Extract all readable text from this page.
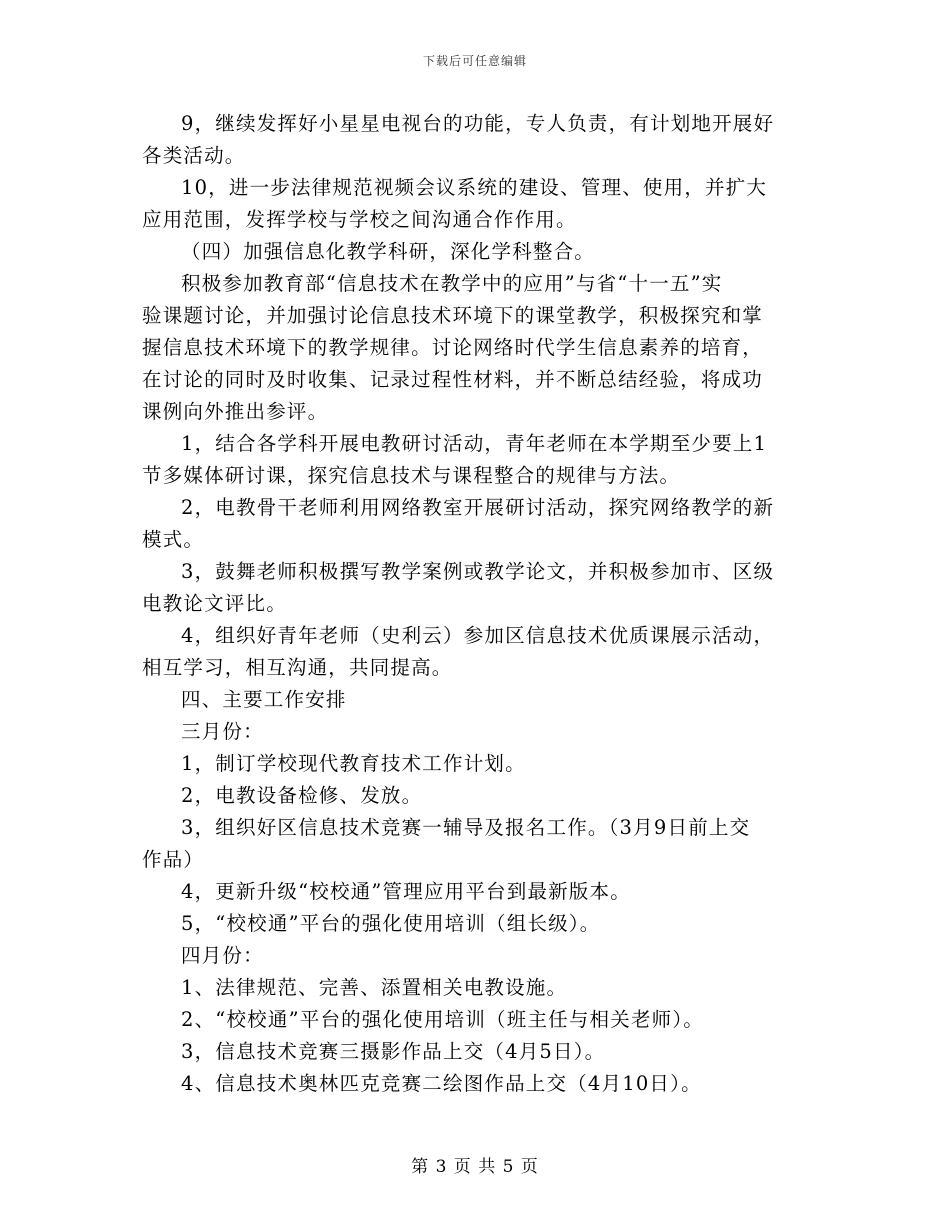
下载后可任意编辑
9，继续发挥好小星星电视台的功能，专人负责，有计划地开展好
各类活动。
10，进一步法律规范视频会议系统的建设、管理、使用，并扩大
应用范围，发挥学校与学校之间沟通合作作用。
（四）加强信息化教学科研，深化学科整合。
积极参加教育部“信息技术在教学中的应用”与省“十一五”实
验课题讨论，并加强讨论信息技术环境下的课堂教学，积极探究和掌
握信息技术环境下的教学规律。讨论网络时代学生信息素养的培育，
在讨论的同时及时收集、记录过程性材料，并不断总结经验，将成功
课例向外推出参评。
1，结合各学科开展电教研讨活动，青年老师在本学期至少要上1
节多媒体研讨课，探究信息技术与课程整合的规律与方法。
2，电教骨干老师利用网络教室开展研讨活动，探究网络教学的新
模式。
3，鼓舞老师积极撰写教学案例或教学论文，并积极参加市、区级
电教论文评比。
4，组织好青年老师（史利云）参加区信息技术优质课展示活动，
相互学习，相互沟通，共同提高。
四、主要工作安排
三月份：
1，制订学校现代教育技术工作计划。
2，电教设备检修、发放。
3，组织好区信息技术竞赛一辅导及报名工作。（3月9日前上交
作品）
4，更新升级“校校通”管理应用平台到最新版本。
5，“校校通”平台的强化使用培训（组长级）。
四月份：
1、法律规范、完善、添置相关电教设施。
2、“校校通”平台的强化使用培训（班主任与相关老师）。
3，信息技术竞赛三摄影作品上交（4月5日）。
4、信息技术奥林匹克竞赛二绘图作品上交（4月10日）。
第 3 页 共 5 页
